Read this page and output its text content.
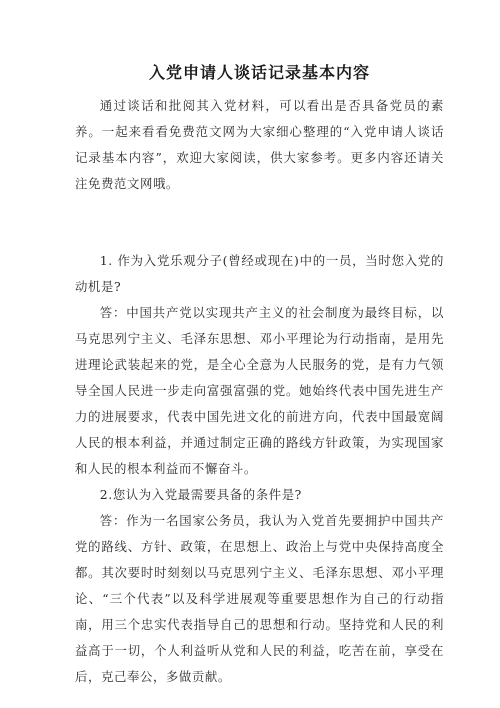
入党申请人谈话记录基本内容

通过谈话和批阅其入党材料，可以看出是否具备党员的素养。一起来看看免费范文网为大家细心整理的“入党申请人谈话记录基本内容”，欢迎大家阅读，供大家参考。更多内容还请关注免费范文网哦。

1. 作为入党乐观分子(曾经或现在)中的一员，当时您入党的动机是?

答：中国共产党以实现共产主义的社会制度为最终目标，以马克思列宁主义、毛泽东思想、邓小平理论为行动指南，是用先进理论武装起来的党，是全心全意为人民服务的党，是有力气领导全国人民进一步走向富强富强的党。她始终代表中国先进生产力的进展要求，代表中国先进文化的前进方向，代表中国最宽阔人民的根本利益，并通过制定正确的路线方针政策，为实现国家和人民的根本利益而不懈奋斗。

2.您认为入党最需要具备的条件是?

答：作为一名国家公务员，我认为入党首先要拥护中国共产党的路线、方针、政策，在思想上、政治上与党中央保持高度全都。其次要时时刻刻以马克思列宁主义、毛泽东思想、邓小平理论、“三个代表”以及科学进展观等重要思想作为自己的行动指南，用三个忠实代表指导自己的思想和行动。坚持党和人民的利益高于一切，个人利益听从党和人民的利益，吃苦在前，享受在后，克己奉公，多做贡献。
